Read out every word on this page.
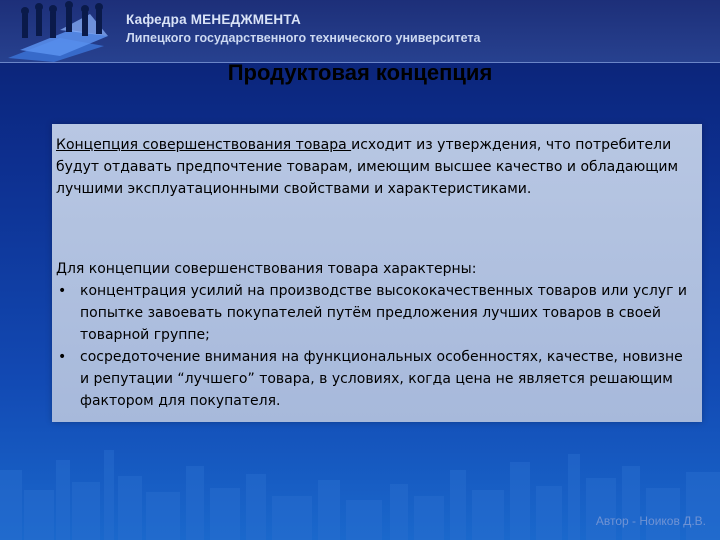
Кафедра МЕНЕДЖМЕНТА
Липецкого государственного технического университета
Продуктовая концепция
Концепция совершенствования товара исходит из утверждения, что потребители будут отдавать предпочтение товарам, имеющим высшее качество и обладающим лучшими эксплуатационными свойствами и характеристиками.
Для концепции совершенствования товара характерны:
• концентрация усилий на производстве высококачественных товаров или услуг и попытке завоевать покупателей путём предложения лучших товаров в своей товарной группе;
• сосредоточение внимания на функциональных особенностях, качестве, новизне и репутации “лучшего” товара, в условиях, когда цена не является решающим фактором для покупателя.
Автор - Ноиков Д.В.
